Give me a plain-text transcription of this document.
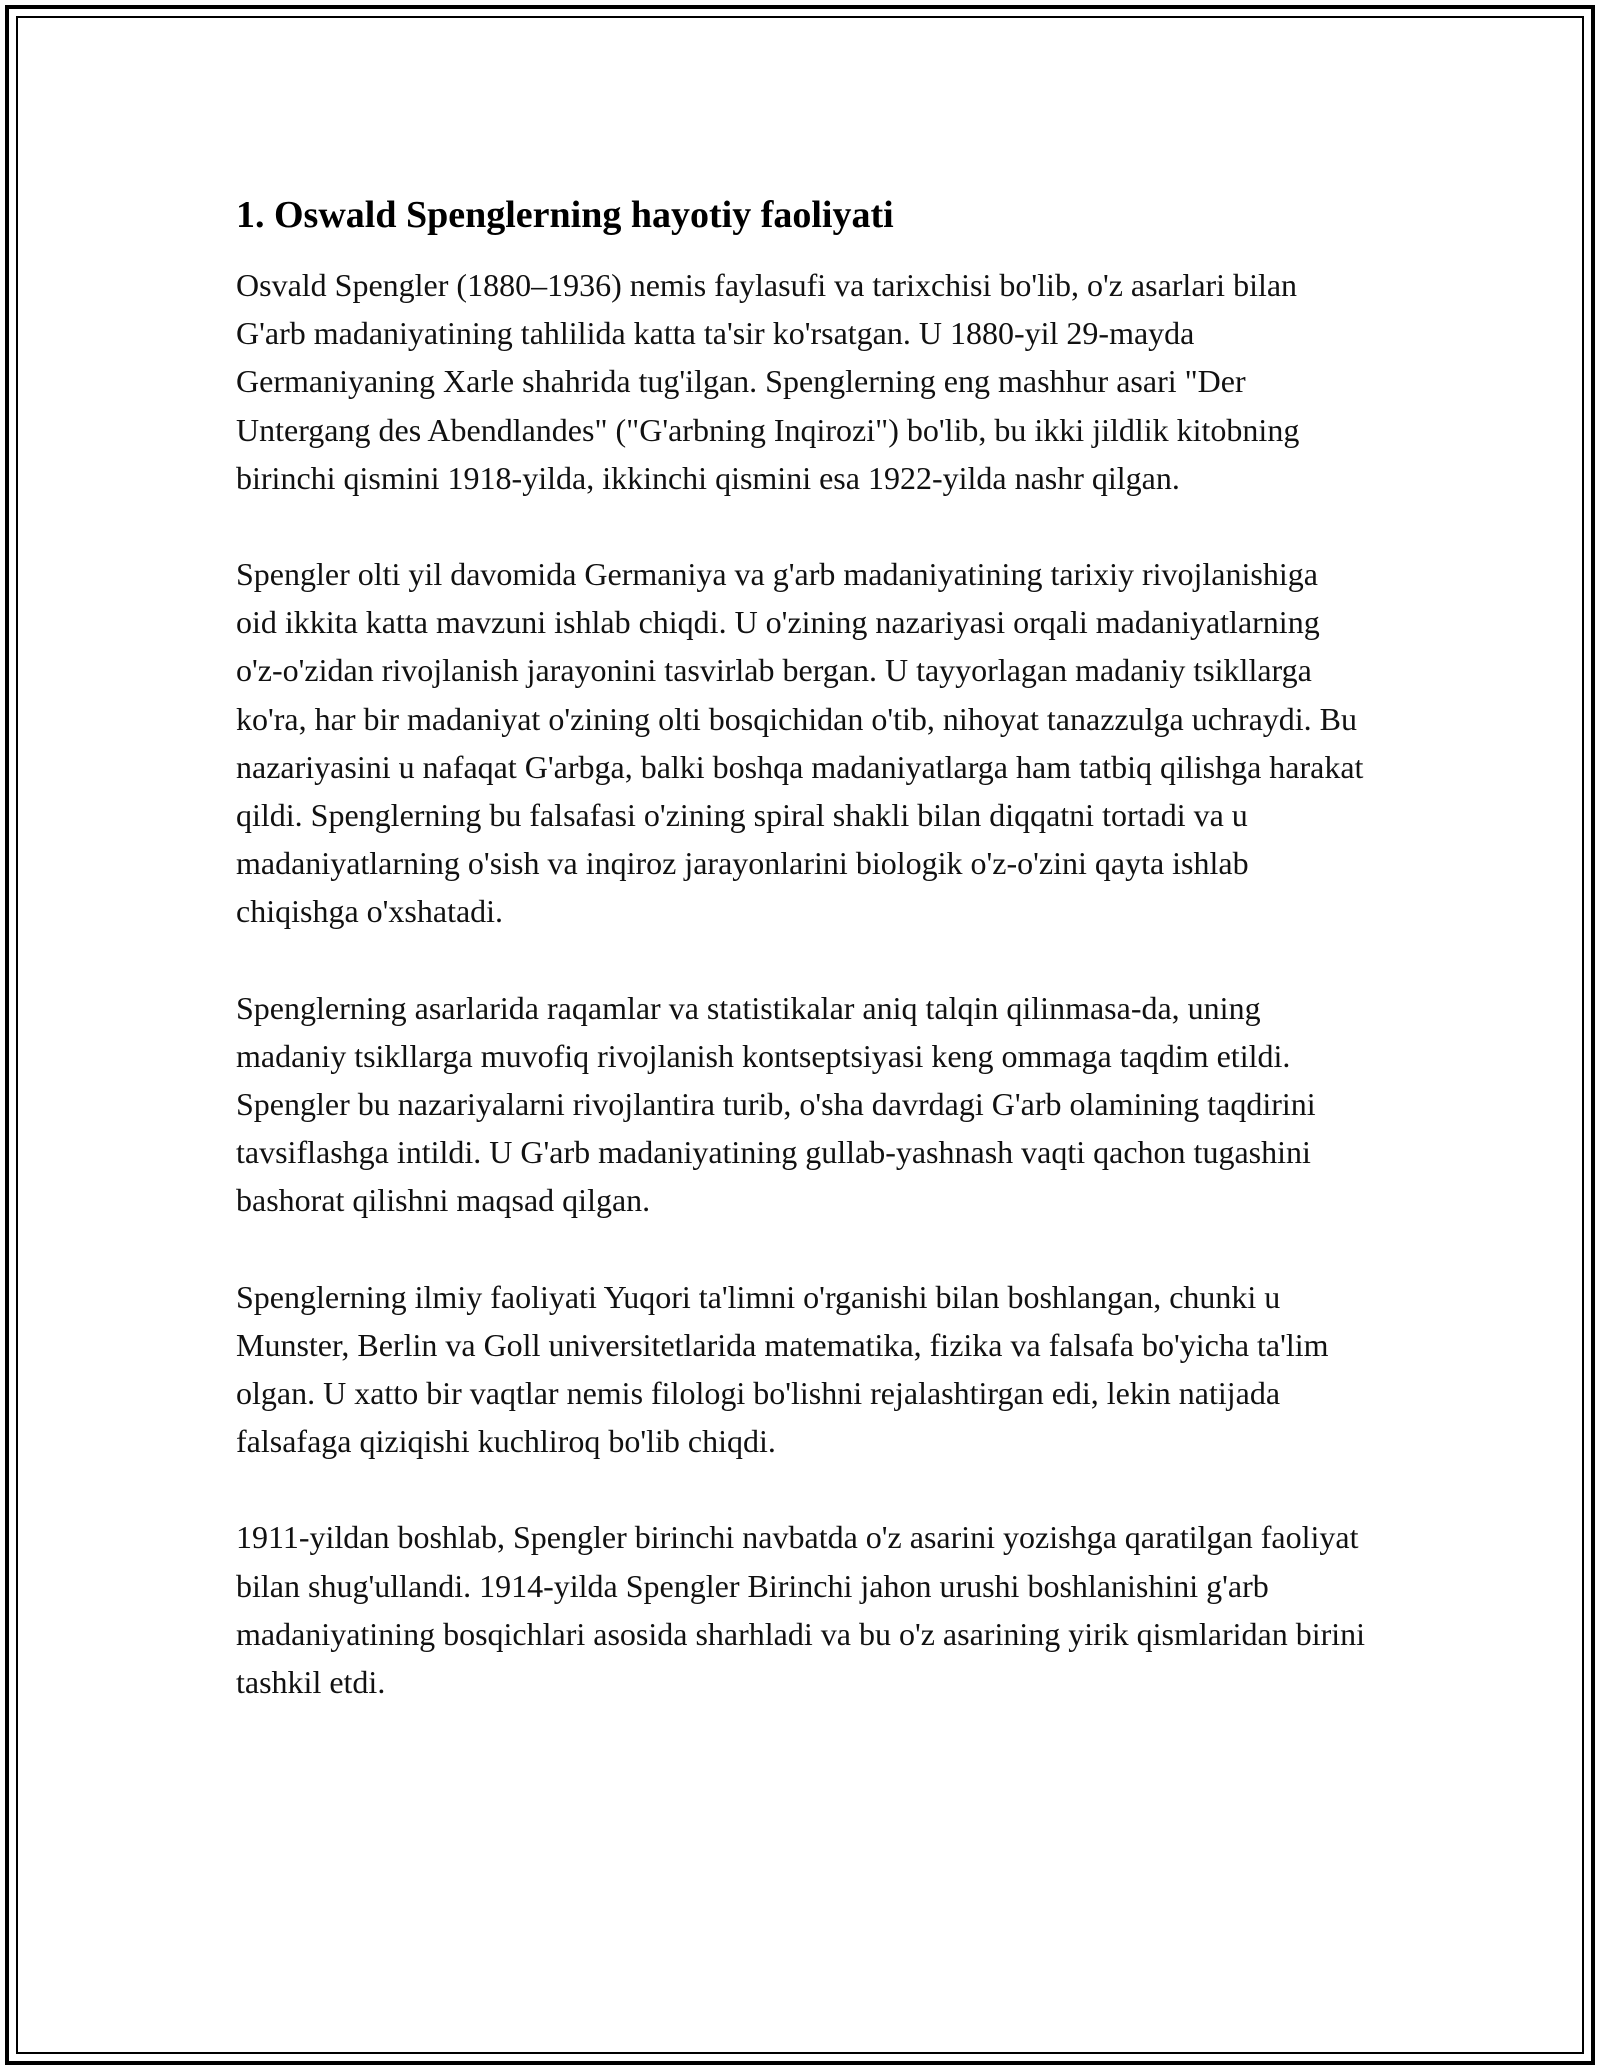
1. Oswald Spenglerning hayotiy faoliyati

Osvald Spengler (1880–1936) nemis faylasufi va tarixchisi bo'lib, o'z asarlari bilan G'arb madaniyatining tahlilida katta ta'sir ko'rsatgan. U 1880-yil 29-mayda Germaniyaning Xarle shahrida tug'ilgan. Spenglerning eng mashhur asari "Der Untergang des Abendlandes" ("G'arbning Inqirozi") bo'lib, bu ikki jildlik kitobning birinchi qismini 1918-yilda, ikkinchi qismini esa 1922-yilda nashr qilgan.

Spengler olti yil davomida Germaniya va g'arb madaniyatining tarixiy rivojlanishiga oid ikkita katta mavzuni ishlab chiqdi. U o'zining nazariyasi orqali madaniyatlarning o'z-o'zidan rivojlanish jarayonini tasvirlab bergan. U tayyorlagan madaniy tsikllarga ko'ra, har bir madaniyat o'zining olti bosqichidan o'tib, nihoyat tanazzulga uchraydi. Bu nazariyasini u nafaqat G'arbga, balki boshqa madaniyatlarga ham tatbiq qilishga harakat qildi. Spenglerning bu falsafasi o'zining spiral shakli bilan diqqatni tortadi va u madaniyatlarning o'sish va inqiroz jarayonlarini biologik o'z-o'zini qayta ishlab chiqishga o'xshatadi.

Spenglerning asarlarida raqamlar va statistikalar aniq talqin qilinmasa-da, uning madaniy tsikllarga muvofiq rivojlanish kontseptsiyasi keng ommaga taqdim etildi. Spengler bu nazariyalarni rivojlantira turib, o'sha davrdagi G'arb olamining taqdirini tavsiflashga intildi. U G'arb madaniyatining gullab-yashnash vaqti qachon tugashini bashorat qilishni maqsad qilgan.

Spenglerning ilmiy faoliyati Yuqori ta'limni o'rganishi bilan boshlangan, chunki u Munster, Berlin va Goll universitetlarida matematika, fizika va falsafa bo'yicha ta'lim olgan. U xatto bir vaqtlar nemis filologi bo'lishni rejalashtirgan edi, lekin natijada falsafaga qiziqishi kuchliroq bo'lib chiqdi.

1911-yildan boshlab, Spengler birinchi navbatda o'z asarini yozishga qaratilgan faoliyat bilan shug'ullandi. 1914-yilda Spengler Birinchi jahon urushi boshlanishini g'arb madaniyatining bosqichlari asosida sharhladi va bu o'z asarining yirik qismlaridan birini tashkil etdi.
